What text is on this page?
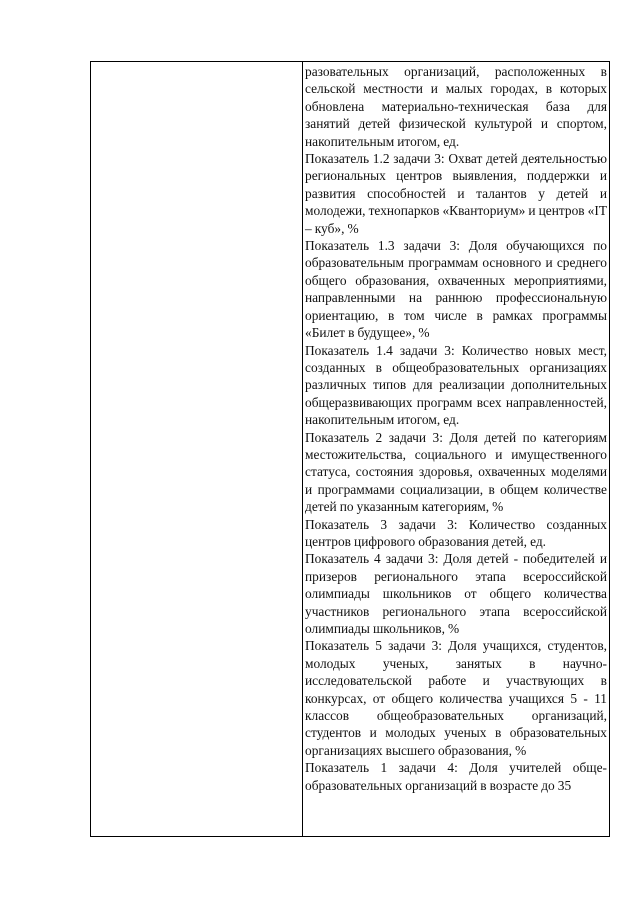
разовательных организаций, расположенных в сельской местности и малых городах, в которых обновлена материально-техническая база для занятий детей физической культурой и спортом, накопительным итогом, ед.

Показатель 1.2 задачи 3: Охват детей деятельностью региональных центров выявления, поддержки и развития способностей и талантов у детей и молодежи, технопарков «Кванториум» и центров «IT – куб», %

Показатель 1.3 задачи 3: Доля обучающихся по образовательным программам основного и среднего общего образования, охваченных мероприятиями, направленными на раннюю профессиональную ориентацию, в том числе в рамках программы «Билет в будущее», %

Показатель 1.4 задачи 3: Количество новых мест, созданных в общеобразовательных организациях различных типов для реализации дополнительных общеразвивающих программ всех направленностей, накопительным итогом, ед.

Показатель 2 задачи 3: Доля детей по категориям местожительства, социального и имущественного статуса, состояния здоровья, охваченных моделями и программами социализации, в общем количестве детей по указанным категориям, %

Показатель 3 задачи 3: Количество созданных центров цифрового образования детей, ед.

Показатель 4 задачи 3: Доля детей - победителей и призеров регионального этапа всероссийской олимпиады школьников от общего количества участников регионального этапа всероссийской олимпиады школьников, %

Показатель 5 задачи 3: Доля учащихся, студентов, молодых ученых, занятых в научно-исследовательской работе и участвующих в конкурсах, от общего количества учащихся 5 - 11 классов общеобразовательных организаций, студентов и молодых ученых в образовательных организациях высшего образования, %

Показатель 1 задачи 4: Доля учителей общеобразовательных организаций в возрасте до 35
